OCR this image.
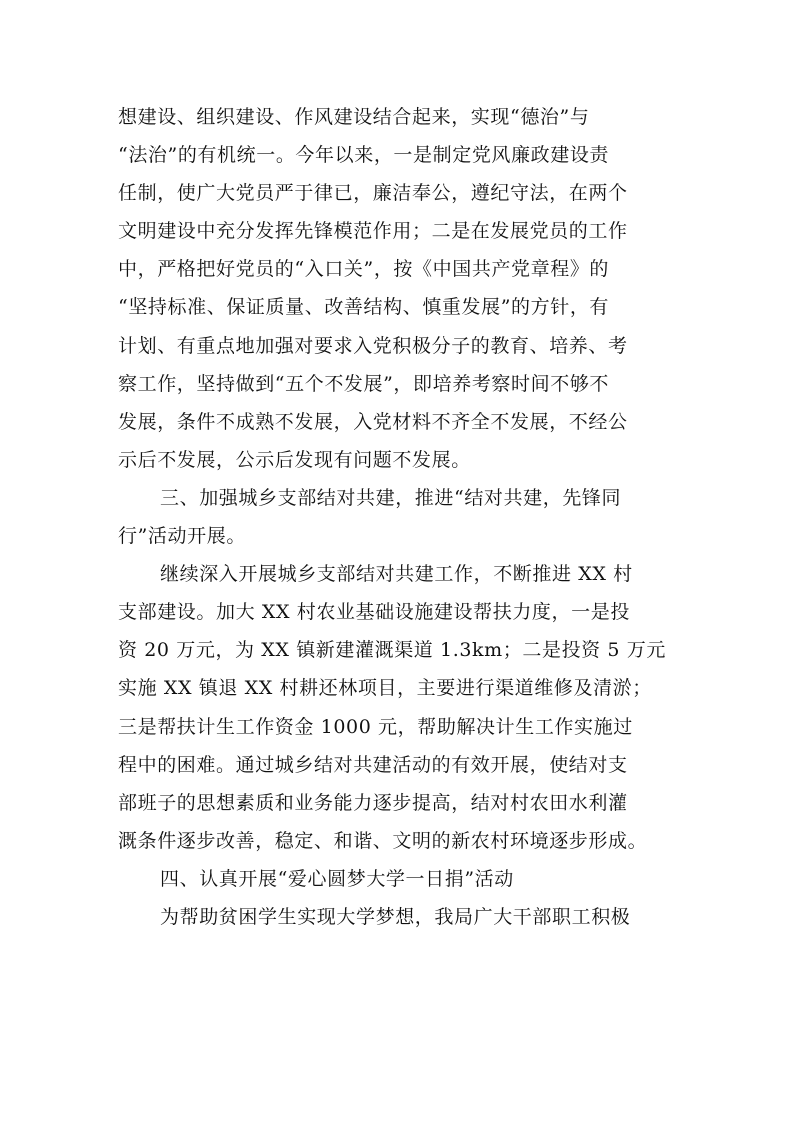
想建设、组织建设、作风建设结合起来，实现“德治”与
“法治”的有机统一。今年以来，一是制定党风廉政建设责
任制，使广大党员严于律已，廉洁奉公，遵纪守法，在两个
文明建设中充分发挥先锋模范作用；二是在发展党员的工作
中，严格把好党员的“入口关”，按《中国共产党章程》的
“坚持标准、保证质量、改善结构、慎重发展”的方针，有
计划、有重点地加强对要求入党积极分子的教育、培养、考
察工作，坚持做到“五个不发展”，即培养考察时间不够不
发展，条件不成熟不发展，入党材料不齐全不发展，不经公
示后不发展，公示后发现有问题不发展。
三、加强城乡支部结对共建，推进“结对共建，先锋同
行”活动开展。
继续深入开展城乡支部结对共建工作，不断推进 XX 村
支部建设。加大 XX 村农业基础设施建设帮扶力度，一是投
资 20 万元，为 XX 镇新建灌溉渠道 1.3km；二是投资 5 万元
实施 XX 镇退 XX 村耕还林项目，主要进行渠道维修及清淤；
三是帮扶计生工作资金 1000 元，帮助解决计生工作实施过
程中的困难。通过城乡结对共建活动的有效开展，使结对支
部班子的思想素质和业务能力逐步提高，结对村农田水利灌
溉条件逐步改善，稳定、和谐、文明的新农村环境逐步形成。
四、认真开展“爱心圆梦大学一日捐”活动
为帮助贫困学生实现大学梦想，我局广大干部职工积极
